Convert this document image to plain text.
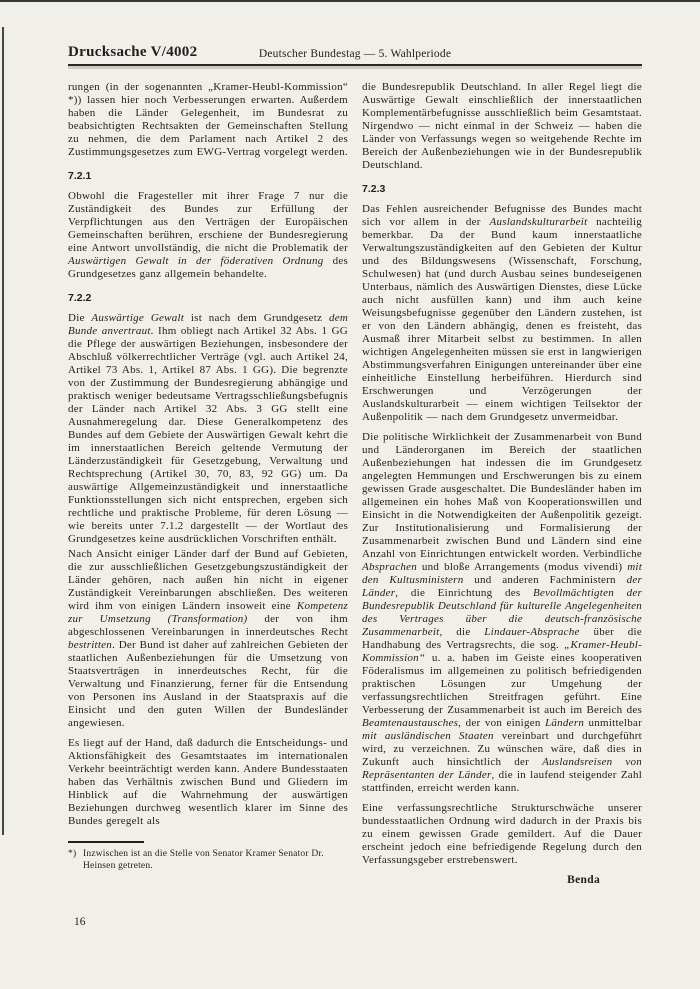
Drucksache V/4002	Deutscher Bundestag — 5. Wahlperiode

rungen (in der sogenannten „Kramer-Heubl-Kommission“ *)) lassen hier noch Verbesserungen erwarten. Außerdem haben die Länder Gelegenheit, im Bundesrat zu beabsichtigten Rechtsakten der Gemeinschaften Stellung zu nehmen, die dem Parlament nach Artikel 2 des Zustimmungsgesetzes zum EWG-Vertrag vorgelegt werden.

7.2.1

Obwohl die Fragesteller mit ihrer Frage 7 nur die Zuständigkeit des Bundes zur Erfüllung der Verpflichtungen aus den Verträgen der Europäischen Gemeinschaften berühren, erschiene der Bundesregierung eine Antwort unvollständig, die nicht die Problematik der Auswärtigen Gewalt in der föderativen Ordnung des Grundgesetzes ganz allgemein behandelte.

7.2.2

Die Auswärtige Gewalt ist nach dem Grundgesetz dem Bunde anvertraut. Ihm obliegt nach Artikel 32 Abs. 1 GG die Pflege der auswärtigen Beziehungen, insbesondere der Abschluß völkerrechtlicher Verträge (vgl. auch Artikel 24, Artikel 73 Abs. 1, Artikel 87 Abs. 1 GG). Die begrenzte von der Zustimmung der Bundesregierung abhängige und praktisch weniger bedeutsame Vertragsschließungsbefugnis der Länder nach Artikel 32 Abs. 3 GG stellt eine Ausnahmeregelung dar. Diese Generalkompetenz des Bundes auf dem Gebiete der Auswärtigen Gewalt kehrt die im innerstaatlichen Bereich geltende Vermutung der Länderzuständigkeit für Gesetzgebung, Verwaltung und Rechtsprechung (Artikel 30, 70, 83, 92 GG) um. Da auswärtige Allgemeinzuständigkeit und innerstaatliche Funktionsstellungen sich nicht entsprechen, ergeben sich rechtliche und praktische Probleme, für deren Lösung — wie bereits unter 7.1.2 dargestellt — der Wortlaut des Grundgesetzes keine ausdrücklichen Vorschriften enthält.

Nach Ansicht einiger Länder darf der Bund auf Gebieten, die zur ausschließlichen Gesetzgebungszuständigkeit der Länder gehören, nach außen hin nicht in eigener Zuständigkeit Vereinbarungen abschließen. Des weiteren wird ihm von einigen Ländern insoweit eine Kompetenz zur Umsetzung (Transformation) der von ihm abgeschlossenen Vereinbarungen in innerdeutsches Recht bestritten. Der Bund ist daher auf zahlreichen Gebieten der staatlichen Außenbeziehungen für die Umsetzung von Staatsverträgen in innerdeutsches Recht, für die Verwaltung und Finanzierung, ferner für die Entsendung von Personen ins Ausland in der Staatspraxis auf die Einsicht und den guten Willen der Bundesländer angewiesen.

Es liegt auf der Hand, daß dadurch die Entscheidungs- und Aktionsfähigkeit des Gesamtstaates im internationalen Verkehr beeinträchtigt werden kann. Andere Bundesstaaten haben das Verhältnis zwischen Bund und Gliedern im Hinblick auf die Wahrnehmung der auswärtigen Beziehungen durchweg wesentlich klarer im Sinne des Bundes geregelt als

*) Inzwischen ist an die Stelle von Senator Kramer Senator Dr. Heinsen getreten.

die Bundesrepublik Deutschland. In aller Regel liegt die Auswärtige Gewalt einschließlich der innerstaatlichen Komplementärbefugnisse ausschließlich beim Gesamtstaat. Nirgendwo — nicht einmal in der Schweiz — haben die Länder von Verfassungs wegen so weitgehende Rechte im Bereich der Außenbeziehungen wie in der Bundesrepublik Deutschland.

7.2.3

Das Fehlen ausreichender Befugnisse des Bundes macht sich vor allem in der Auslandskulturarbeit nachteilig bemerkbar. Da der Bund kaum innerstaatliche Verwaltungszuständigkeiten auf den Gebieten der Kultur und des Bildungswesens (Wissenschaft, Forschung, Schulwesen) hat (und durch Ausbau seines bundeseigenen Unterbaus, nämlich des Auswärtigen Dienstes, diese Lücke auch nicht ausfüllen kann) und ihm auch keine Weisungsbefugnisse gegenüber den Ländern zustehen, ist er von den Ländern abhängig, denen es freisteht, das Ausmaß ihrer Mitarbeit selbst zu bestimmen. In allen wichtigen Angelegenheiten müssen sie erst in langwierigen Abstimmungsverfahren Einigungen untereinander über eine einheitliche Einstellung herbeiführen. Hierdurch sind Erschwerungen und Verzögerungen der Auslandskulturarbeit — einem wichtigen Teilsektor der Außenpolitik — nach dem Grundgesetz unvermeidbar.

Die politische Wirklichkeit der Zusammenarbeit von Bund und Länderorganen im Bereich der staatlichen Außenbeziehungen hat indessen die im Grundgesetz angelegten Hemmungen und Erschwerungen bis zu einem gewissen Grade ausgeschaltet. Die Bundesländer haben im allgemeinen ein hohes Maß von Kooperationswillen und Einsicht in die Notwendigkeiten der Außenpolitik gezeigt. Zur Institutionalisierung und Formalisierung der Zusammenarbeit zwischen Bund und Ländern sind eine Anzahl von Einrichtungen entwickelt worden. Verbindliche Absprachen und bloße Arrangements (modus vivendi) mit den Kultusministern und anderen Fachministern der Länder, die Einrichtung des Bevollmächtigten der Bundesrepublik Deutschland für kulturelle Angelegenheiten des Vertrages über die deutsch-französische Zusammenarbeit, die Lindauer-Absprache über die Handhabung des Vertragsrechts, die sog. „Kramer-Heubl-Kommission“ u. a. haben im Geiste eines kooperativen Föderalismus im allgemeinen zu politisch befriedigenden praktischen Lösungen zur Umgehung der verfassungsrechtlichen Streitfragen geführt. Eine Verbesserung der Zusammenarbeit ist auch im Bereich des Beamtenaustausches, der von einigen Ländern unmittelbar mit ausländischen Staaten vereinbart und durchgeführt wird, zu verzeichnen. Zu wünschen wäre, daß dies in Zukunft auch hinsichtlich der Auslandsreisen von Repräsentanten der Länder, die in laufend steigender Zahl stattfinden, erreicht werden kann.

Eine verfassungsrechtliche Strukturschwäche unserer bundesstaatlichen Ordnung wird dadurch in der Praxis bis zu einem gewissen Grade gemildert. Auf die Dauer erscheint jedoch eine befriedigende Regelung durch den Verfassungsgeber erstrebenswert.

Benda
16
